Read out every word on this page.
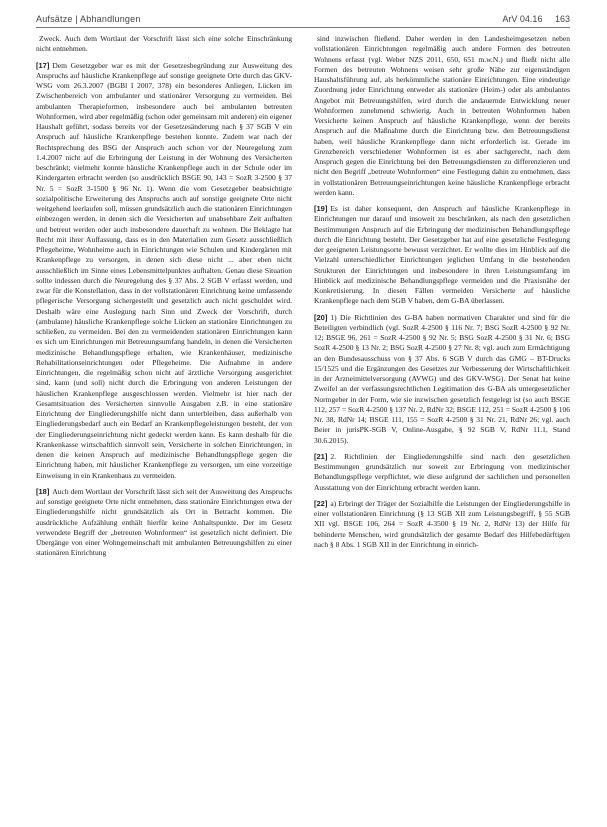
Aufsätze | Abhandlungen	ArV 04.16 163

Zweck. Auch dem Wortlaut der Vorschrift lässt sich eine solche Einschränkung nicht entnehmen.

[17] Dem Gesetzgeber war es mit der Gesetzesbegründung zur Ausweitung des Anspruchs auf häusliche Krankenpflege auf sonstige geeignete Orte durch das GKV-WSG vom 26.3.2007 (BGBl I 2007, 378) ein besonderes Anliegen, Lücken im Zwischenbereich von ambulanter und stationärer Versorgung zu vermeiden. Bei ambulanten Therapieformen, insbesondere auch bei ambulanten betreuten Wohnformen, wird aber regelmäßig (schon oder gemeinsam mit anderen) ein eigener Haushalt geführt, sodass bereits vor der Gesetzesänderung nach § 37 SGB V ein Anspruch auf häusliche Krankenpflege bestehen konnte. Zudem war nach der Rechtsprechung des BSG der Anspruch auch schon vor der Neuregelung zum 1.4.2007 nicht auf die Erbringung der Leistung in der Wohnung des Versicherten beschränkt; vielmehr konnte häusliche Krankenpflege auch in der Schule oder im Kindergarten erbracht werden (so ausdrücklich BSGE 90, 143 = SozR 3-2500 § 37 Nr. 5 = SozR 3-1500 § 96 Nr. 1). Wenn die vom Gesetzgeber beabsichtigte sozialpolitische Erweiterung des Anspruchs auch auf sonstige geeignete Orte nicht weitgehend leerlaufen soll, müssen grundsätzlich auch die stationären Einrichtungen einbezogen werden, in denen sich die Versicherten auf unabsehbare Zeit aufhalten und betreut werden oder auch insbesondere dauerhaft zu wohnen. Die Beklagte hat Recht mit ihrer Auffassung, dass es in den Materialien zum Gesetz ausschließlich Pflegeheime, Wohnheime auch in Einrichtungen wie Schulen und Kindergärten mit Krankenpflege zu versorgen, in denen sich diese nicht ... aber eben nicht ausschließlich im Sinne eines Lebensmittelpunktes aufhalten. Genau diese Situation sollte indessen durch die Neuregelung des § 37 Abs. 2 SGB V erfasst werden, und zwar für die Konstellation, dass in der vollstationären Einrichtung keine umfassende pflegerische Versorgung sichergestellt und gesetzlich auch nicht geschuldet wird. Deshalb wäre eine Auslegung nach Sinn und Zweck der Vorschrift, durch (ambulante) häusliche Krankenpflege solche Lücken an stationäre Einrichtungen zu schließen, zu vermeiden. Bei den zu vermeidenden stationären Einrichtungen kann es sich um Einrichtungen mit Betreuungsumfang handeln, in denen die Versicherten medizinische Behandlungspflege erhalten, wie Krankenhäuser, medizinische Rehabilitationseinrichtungen oder Pflegeheime. Die Aufnahme in andere Einrichtungen, die regelmäßig schon nicht auf ärztliche Versorgung ausgerichtet sind, kann (und soll) nicht durch die Erbringung von anderen Leistungen der häuslichen Krankenpflege ausgeschlossen werden. Vielmehr ist hier nach der Gesamtsituation des Versicherten sinnvolle Ausgaben z.B. in eine stationäre Einrichtung der Eingliederungshilfe nicht dann unterbleiben, dass außerhalb von Eingliederungsbedarf auch ein Bedarf an Krankenpflegeleistungen besteht, der von der Eingliederungseinrichtung nicht gedeckt werden kann. Es kann deshalb für die Krankenkasse wirtschaftlich sinnvoll sein, Versicherte in solchen Einrichtungen, in denen die keinen Anspruch auf medizinische Behandlungspflege gegen die Einrichtung haben, mit häuslicher Krankenpflege zu versorgen, um eine vorzeitige Einweisung in ein Krankenhaus zu vermeiden.

[18] Auch dem Wortlaut der Vorschrift lässt sich seit der Ausweitung des Anspruchs auf sonstige geeignete Orte nicht entnehmen, dass stationäre Einrichtungen etwa der Eingliederungshilfe nicht grundsätzlich als Ort in Betracht kommen. Die ausdrückliche Aufzählung enthält hierfür keine Anhaltspunkte. Der im Gesetz verwendete Begriff der „betreuten Wohnformen“ ist gesetzlich nicht definiert. Die Übergänge von einer Wohngemeinschaft mit ambulanten Betreuungshilfen zu einer stationären Einrichtung

sind inzwischen fließend. Daher werden in den Landesheimgesetzen neben vollstationären Einrichtungen regelmäßig auch andere Formen des betreuten Wohnens erfasst (vgl. Weber NZS 2011, 650, 651 m.w.N.) und fließt nicht alle Formen des betreuten Wohnens weisen sehr große Nähe zur eigenständigen Haushaltsführung auf, als herkömmliche stationäre Einrichtungen. Eine eindeutige Zuordnung jeder Einrichtung entweder als stationäre (Heim-) oder als ambulantes Angebot mit Betreuungshilfen, wird durch die andauernde Entwicklung neuer Wohnformen zunehmend schwierig. Auch in betreuten Wohnformen haben Versicherte keinen Anspruch auf häusliche Krankenpflege, wenn der bereits Anspruch auf die Maßnahme durch die Einrichtung bzw. den Betreuungsdienst haben, weil häusliche Krankenpflege dann nicht erforderlich ist. Gerade im Grenzbereich verschiedener Wohnformen ist es aber sachgerecht, nach dem Anspruch gegen die Einrichtung bei den Betreuungsdiensten zu differenzieren und nicht den Begriff „betreute Wohnformen“ eine Festlegung dahin zu entnehmen, dass in vollstationären Betreuungseinrichtungen keine häusliche Krankenpflege erbracht werden kann.

[19] Es ist daher konsequent, den Anspruch auf häusliche Krankenpflege in Einrichtungen nur darauf und insoweit zu beschränken, als nach den gesetzlichen Bestimmungen Anspruch auf die Erbringung der medizinischen Behandlungspflege durch die Einrichtung besteht. Der Gesetzgeber hat auf eine gesetzliche Festlegung der geeigneten Leistungsorte bewusst verzichtet. Er wollte dies im Hinblick auf die Vielzahl unterschiedlicher Einrichtungen jeglichen Umfang in die bestehenden Strukturen der Einrichtungen und insbesondere in ihren Leistungsumfang im Hinblick auf medizinische Behandlungspflege vermeiden und die Praxisnähe der Konkretisierung. In diesen Fällen vermeiden Versicherte auf häusliche Krankenpflege nach dem SGB V haben, dem G-BA überlassen.

[20] 1) Die Richtlinien des G-BA haben normativen Charakter und sind für die Beteiligten verbindlich (vgl. SozR 4-2500 § 116 Nr. 7; BSG SozR 4-2500 § 92 Nr. 12; BSGE 96, 261 = SozR 4-2500 § 92 Nr. 5; BSG SozR 4-2500 § 31 Nr. 6; BSG SozR 4-2500 § 13 Nr. 2; BSG SozR 4-2500 § 27 Nr. 8; vgl. auch zum Ermächtigung an den Bundesausschuss von § 37 Abs. 6 SGB V durch das GMG – BT-Drucks 15/1525 und die Ergänzungen des Gesetzes zur Verbesserung der Wirtschaftlichkeit in der Arzneimittelversorgung (AVWG) und des GKV-WSG). Der Senat hat keine Zweifel an der verfassungsrechtlichen Legitimation des G-BA als untergesetzlicher Normgeber in der Form, wie sie inzwischen gesetzlich festgelegt ist (so auch BSGE 112, 257 = SozR 4-2500 § 137 Nr. 2, RdNr 32; BSGE 112, 251 = SozR 4-2500 § 106 Nr. 38, RdNr 14; BSGE 111, 155 = SozR 4-2500 § 31 Nr. 21, RdNr 26; vgl. auch Beier in jurisPK-SGB V, Online-Ausgabe, § 92 SGB V, RdNr 11.1, Stand 30.6.2015).

[21] 2. Richtlinien der Eingliederungshilfe sind nach den gesetzlichen Bestimmungen grundsätzlich nur soweit zur Erbringung von medizinischer Behandlungspflege verpflichtet, wie diese aufgrund der sachlichen und personellen Ausstattung von der Einrichtung erbracht werden kann.

[22] a) Erbringt der Träger der Sozialhilfe die Leistungen der Eingliederungshilfe in einer vollstationären Einrichtung (§ 13 SGB XII zum Leistungsbegriff, § 55 SGB XII vgl. BSGE 106, 264 = SozR 4-3500 § 19 Nr. 2, RdNr 13) der Hilfe für behinderte Menschen, wird grundsätzlich der gesamte Bedarf des Hilfebedürftigen nach § 8 Abs. 1 SGB XII in der Einrichtung in einrich-
